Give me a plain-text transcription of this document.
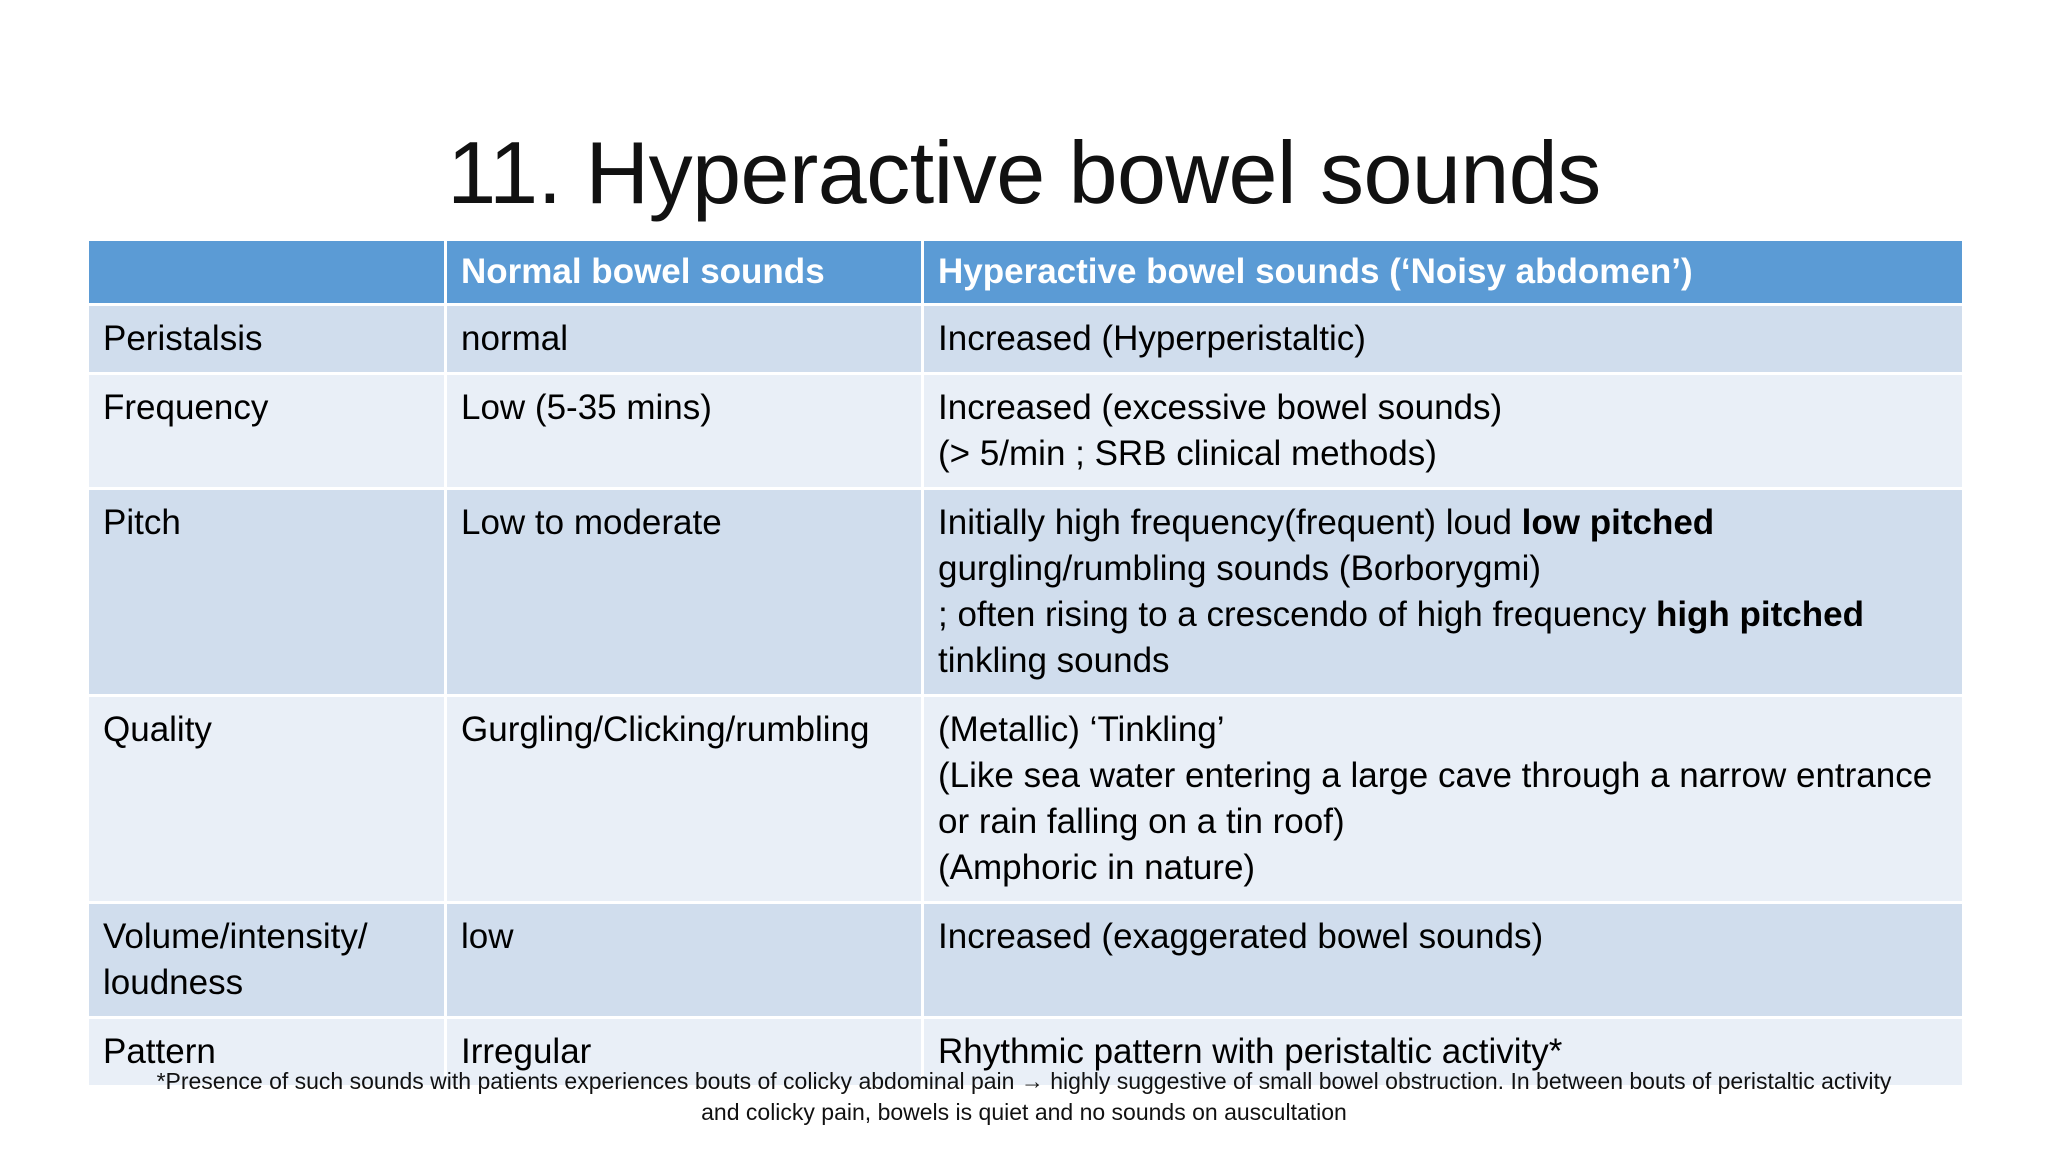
11. Hyperactive bowel sounds
	Normal bowel sounds	Hyperactive bowel sounds (‘Noisy abdomen’)
Peristalsis	normal	Increased (Hyperperistaltic)

Frequency	Low (5-35 mins)	Increased (excessive bowel sounds)
(> 5/min ; SRB clinical methods)

Pitch	Low to moderate	Initially high frequency(frequent) loud low pitched
gurgling/rumbling sounds (Borborygmi)
; often rising to a crescendo of high frequency high pitched
tinkling sounds

Quality	Gurgling/Clicking/rumbling	(Metallic) ‘Tinkling’
(Like sea water entering a large cave through a narrow entrance
or rain falling on a tin roof)
(Amphoric in nature)

Volume/intensity/
loudness	low	Increased (exaggerated bowel sounds)

Pattern	Irregular	Rhythmic pattern with peristaltic activity*
*Presence of such sounds with patients experiences bouts of colicky abdominal pain → highly suggestive of small bowel obstruction. In between bouts of peristaltic activity
and colicky pain, bowels is quiet and no sounds on auscultation
